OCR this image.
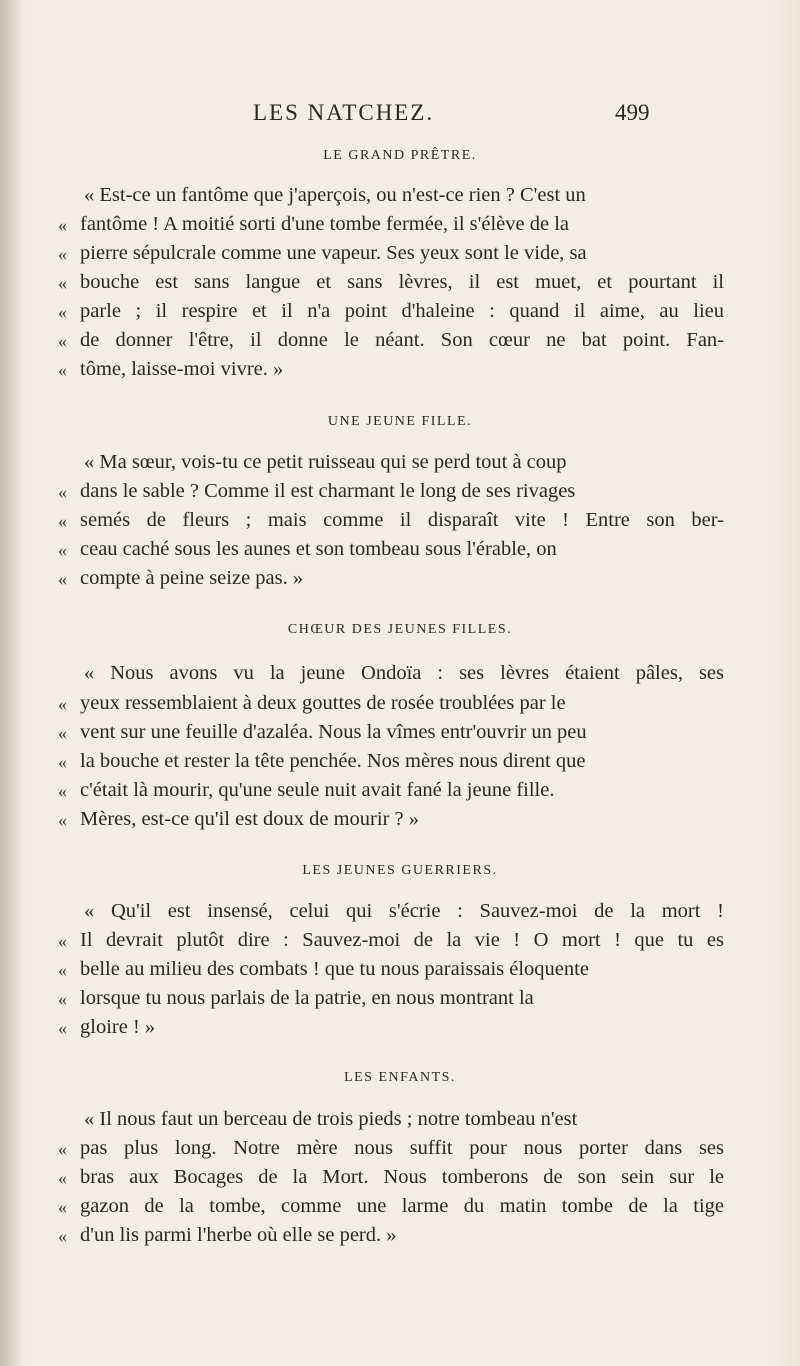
LES NATCHEZ.	499
LE GRAND PRÊTRE.
« Est-ce un fantôme que j'aperçois, ou n'est-ce rien ? C'est un
« fantôme ! A moitié sorti d'une tombe fermée, il s'élève de la
« pierre sépulcrale comme une vapeur. Ses yeux sont le vide, sa
« bouche est sans langue et sans lèvres, il est muet, et pourtant il
« parle ; il respire et il n'a point d'haleine : quand il aime, au lieu
« de donner l'être, il donne le néant. Son cœur ne bat point. Fan-
« tôme, laisse-moi vivre. »
UNE JEUNE FILLE.
« Ma sœur, vois-tu ce petit ruisseau qui se perd tout à coup
« dans le sable ? Comme il est charmant le long de ses rivages
« semés de fleurs ; mais comme il disparaît vite ! Entre son ber-
« ceau caché sous les aunes et son tombeau sous l'érable, on
« compte à peine seize pas. »
CHŒUR DES JEUNES FILLES.
« Nous avons vu la jeune Ondoïa : ses lèvres étaient pâles, ses
« yeux ressemblaient à deux gouttes de rosée troublées par le
« vent sur une feuille d'azaléa. Nous la vîmes entr'ouvrir un peu
« la bouche et rester la tête penchée. Nos mères nous dirent que
« c'était là mourir, qu'une seule nuit avait fané la jeune fille.
« Mères, est-ce qu'il est doux de mourir ? »
LES JEUNES GUERRIERS.
« Qu'il est insensé, celui qui s'écrie : Sauvez-moi de la mort !
« Il devrait plutôt dire : Sauvez-moi de la vie ! O mort ! que tu es
« belle au milieu des combats ! que tu nous paraissais éloquente
« lorsque tu nous parlais de la patrie, en nous montrant la
« gloire ! »
LES ENFANTS.
« Il nous faut un berceau de trois pieds ; notre tombeau n'est
« pas plus long. Notre mère nous suffit pour nous porter dans ses
« bras aux Bocages de la Mort. Nous tomberons de son sein sur le
« gazon de la tombe, comme une larme du matin tombe de la tige
« d'un lis parmi l'herbe où elle se perd. »
